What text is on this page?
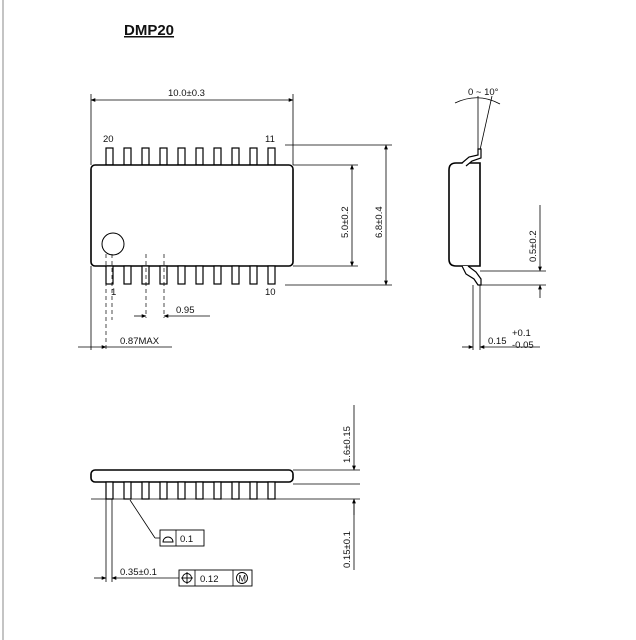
DMP20
10.0±0.3
20	11
1	10
0.95
0.87MAX
5.0±0.2 6.8±0.4
0 ~ 10°
0.5±0.2
0.15
+0.1
-0.05
1.6±0.15
0.15±0.1
0.35±0.1
0.1
0.12 M
